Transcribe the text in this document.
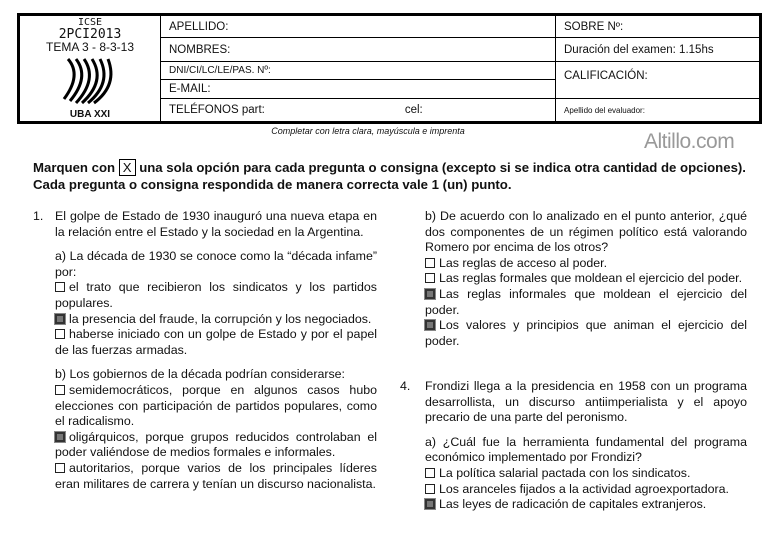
ICSE
2PCI2013
TEMA 3 - 8-3-13
UBA XXI
APELLIDO:
NOMBRES:
DNI/CI/LC/LE/PAS. Nº:
E-MAIL:
TELÉFONOS part:	cel:
SOBRE Nº:
Duración del examen: 1.15hs
CALIFICACIÓN:
Apellido del evaluador:
Completar con letra clara, mayúscula e imprenta	Altillo.com
Marquen con X una sola opción para cada pregunta o consigna (excepto si se indica otra cantidad de opciones). Cada pregunta o consigna respondida de manera correcta vale 1 (un) punto.
1. El golpe de Estado de 1930 inauguró una nueva etapa en la relación entre el Estado y la sociedad en la Argentina.

a) La década de 1930 se conoce como la “década infame” por:

el trato que recibieron los sindicatos y los partidos populares.

la presencia del fraude, la corrupción y los negociados.

haberse iniciado con un golpe de Estado y por el papel de las fuerzas armadas.

b) Los gobiernos de la década podrían considerarse:

semidemocráticos, porque en algunos casos hubo elecciones con participación de partidos populares, como el radicalismo.

oligárquicos, porque grupos reducidos controlaban el poder valiéndose de medios formales e informales.

autoritarios, porque varios de los principales líderes eran militares de carrera y tenían un discurso nacionalista.

b) De acuerdo con lo analizado en el punto anterior, ¿qué dos componentes de un régimen político está valorando Romero por encima de los otros?

Las reglas de acceso al poder.

Las reglas formales que moldean el ejercicio del poder.

Las reglas informales que moldean el ejercicio del poder.

Los valores y principios que animan el ejercicio del poder.

4. Frondizi llega a la presidencia en 1958 con un programa desarrollista, un discurso antiimperialista y el apoyo precario de una parte del peronismo.

a) ¿Cuál fue la herramienta fundamental del programa económico implementado por Frondizi?

La política salarial pactada con los sindicatos.

Los aranceles fijados a la actividad agroexportadora.

Las leyes de radicación de capitales extranjeros.
